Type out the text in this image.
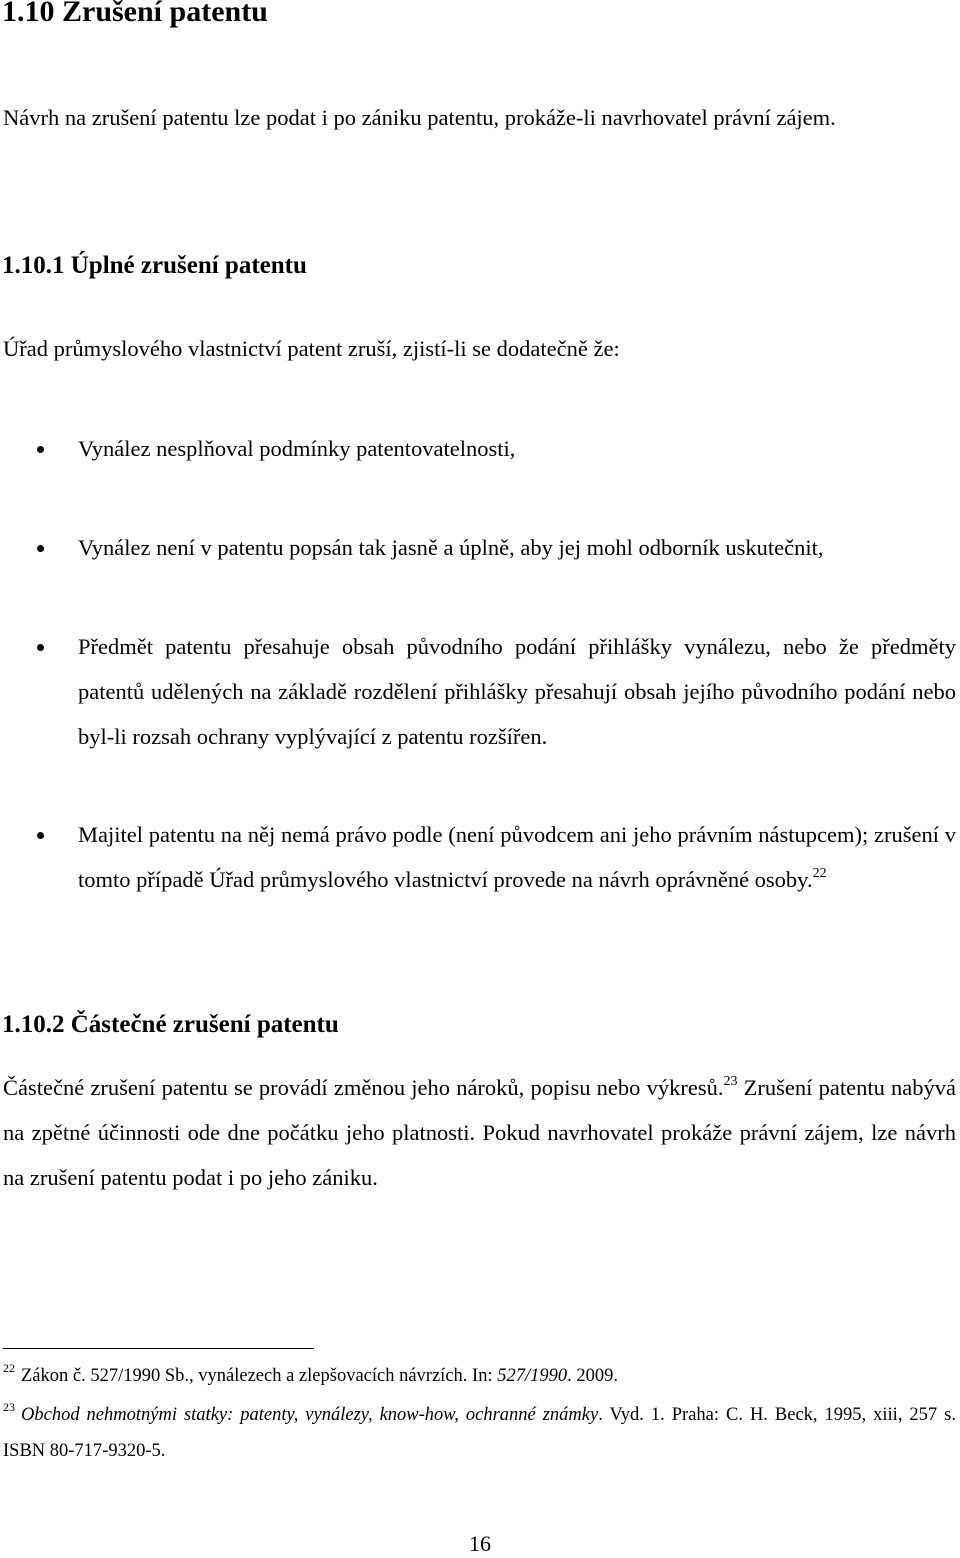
1.10 Zrušení patentu

Návrh na zrušení patentu lze podat i po zániku patentu, prokáže-li navrhovatel právní zájem.

1.10.1 Úplné zrušení patentu

Úřad průmyslového vlastnictví patent zruší, zjistí-li se dodatečně že:

Vynález nesplňoval podmínky patentovatelnosti,
Vynález není v patentu popsán tak jasně a úplně, aby jej mohl odborník uskutečnit,
Předmět patentu přesahuje obsah původního podání přihlášky vynálezu, nebo že předměty patentů udělených na základě rozdělení přihlášky přesahují obsah jejího původního podání nebo byl-li rozsah ochrany vyplývající z patentu rozšířen.
Majitel patentu na něj nemá právo podle (není původcem ani jeho právním nástupcem); zrušení v tomto případě Úřad průmyslového vlastnictví provede na návrh oprávněné osoby.$^{22}$
1.10.2 Částečné zrušení patentu

Částečné zrušení patentu se provádí změnou jeho nároků, popisu nebo výkresů.$^{23}$ Zrušení patentu nabývá na zpětné účinnosti ode dne počátku jeho platnosti. Pokud navrhovatel prokáže právní zájem, lze návrh na zrušení patentu podat i po jeho zániku.

$^{22}$ Zákon č. 527/1990 Sb., vynálezech a zlepšovacích návrzích. In: 527/1990. 2009.

$^{23}$ Obchod nehmotnými statky: patenty, vynálezy, know-how, ochranné známky. Vyd. 1. Praha: C. H. Beck, 1995, xiii, 257 s. ISBN 80-717-9320-5.

16
